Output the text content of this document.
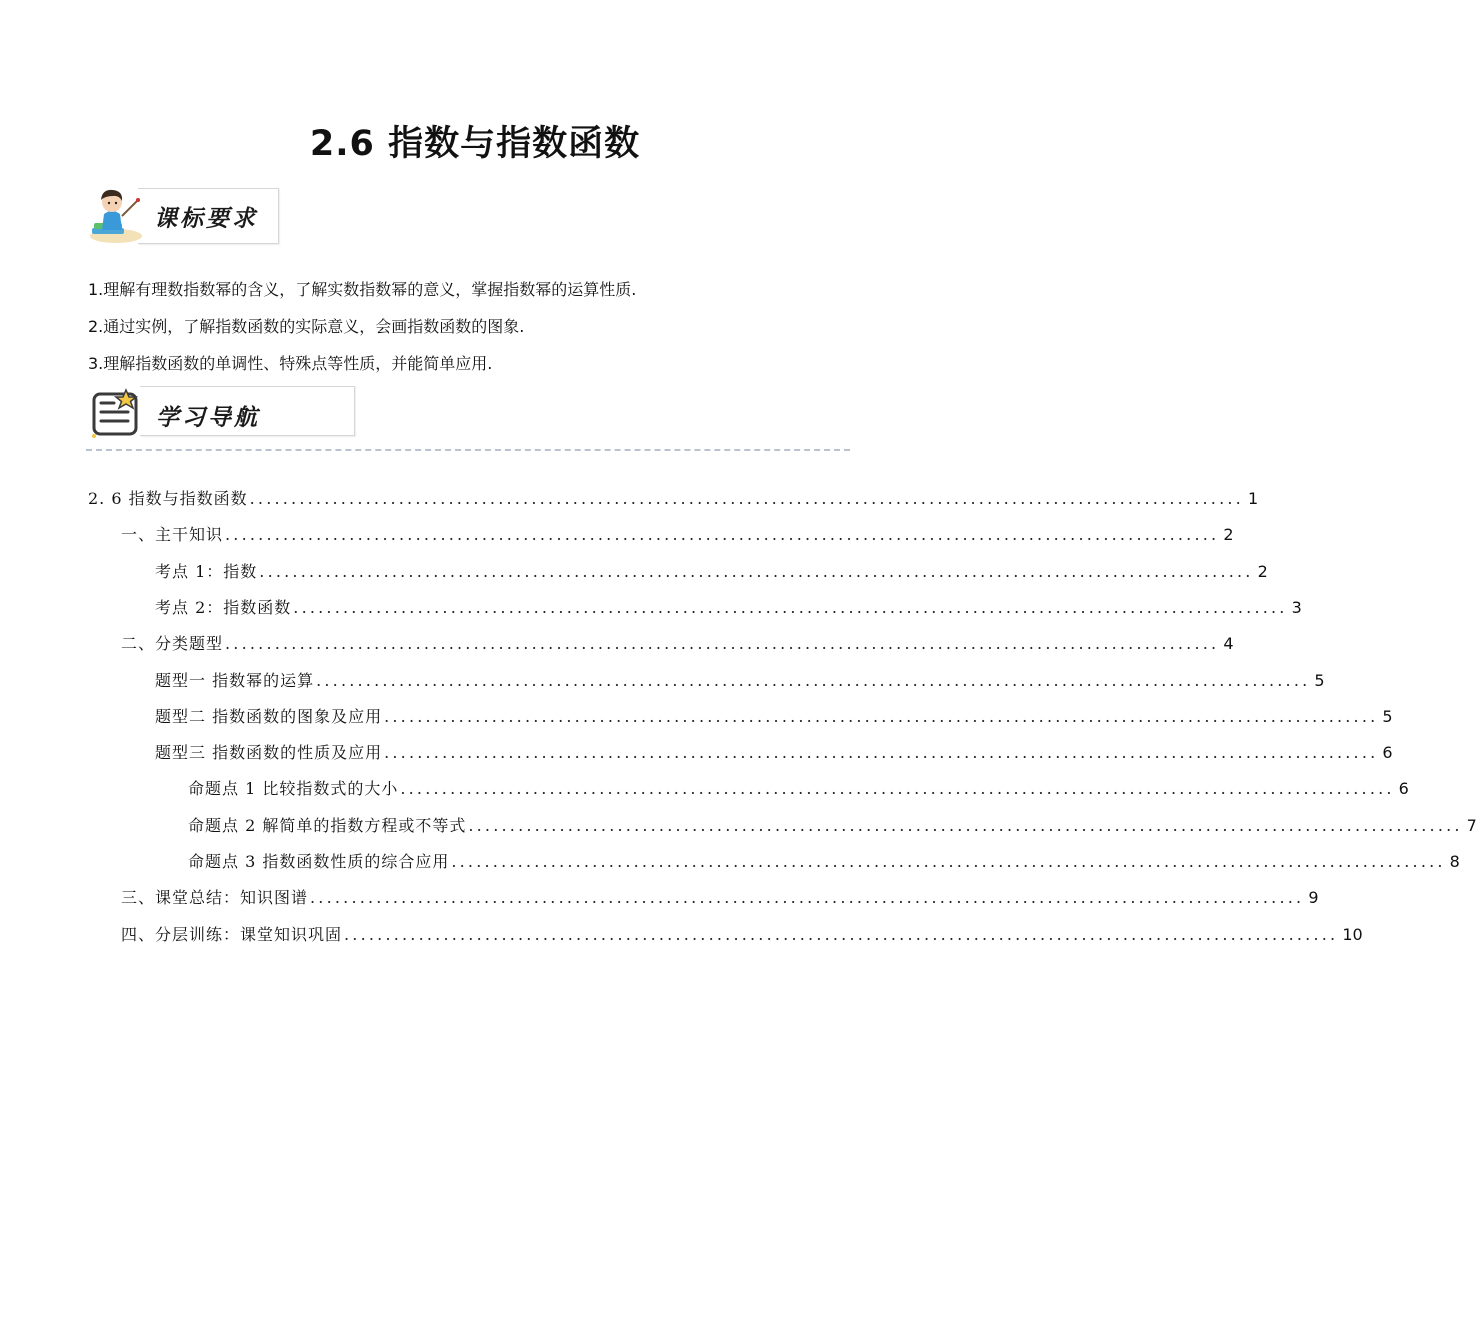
2.6 指数与指数函数
课标要求
1.理解有理数指数幂的含义，了解实数指数幂的意义，掌握指数幂的运算性质.
2.通过实例，了解指数函数的实际意义，会画指数函数的图象.
3.理解指数函数的单调性、特殊点等性质，并能简单应用.
学习导航
2. 6 指数与指数函数 ........................................................................................................................ 1
一、主干知识 ........................................................................................................................ 2
考点 1：指数 ........................................................................................................................ 2
考点 2：指数函数 ........................................................................................................................ 3
二、分类题型 ........................................................................................................................ 4
题型一 指数幂的运算 ........................................................................................................................ 5
题型二 指数函数的图象及应用 ........................................................................................................................ 5
题型三 指数函数的性质及应用 ........................................................................................................................ 6
命题点 1 比较指数式的大小 ........................................................................................................................ 6
命题点 2 解简单的指数方程或不等式 ........................................................................................................................ 7
命题点 3 指数函数性质的综合应用 ........................................................................................................................ 8
三、课堂总结：知识图谱 ........................................................................................................................ 9
四、分层训练：课堂知识巩固 ........................................................................................................................ 10
